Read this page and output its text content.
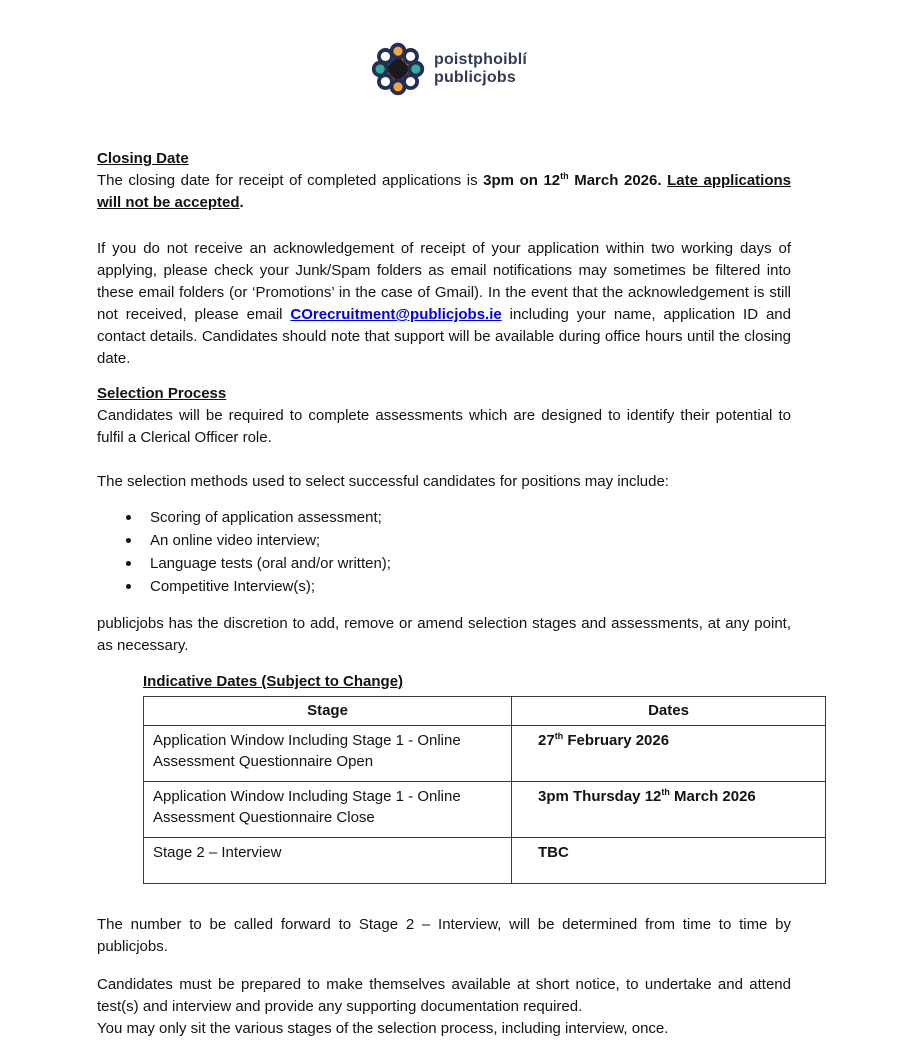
poistphoiblí
publicjobs

Closing Date
The closing date for receipt of completed applications is 3pm on 12th March 2026. Late applications will not be accepted.

If you do not receive an acknowledgement of receipt of your application within two working days of applying, please check your Junk/Spam folders as email notifications may sometimes be filtered into these email folders (or ‘Promotions’ in the case of Gmail). In the event that the acknowledgement is still not received, please email COrecruitment@publicjobs.ie including your name, application ID and contact details. Candidates should note that support will be available during office hours until the closing date.

Selection Process
Candidates will be required to complete assessments which are designed to identify their potential to fulfil a Clerical Officer role.

The selection methods used to select successful candidates for positions may include:

Scoring of application assessment;
An online video interview;
Language tests (oral and/or written);
Competitive Interview(s);

publicjobs has the discretion to add, remove or amend selection stages and assessments, at any point, as necessary.

Indicative Dates (Subject to Change)
Stage	Dates
Application Window Including Stage 1 - Online Assessment Questionnaire Open	27th February 2026
Application Window Including Stage 1 - Online Assessment Questionnaire Close	3pm Thursday 12th March 2026
Stage 2 – Interview	TBC

The number to be called forward to Stage 2 – Interview, will be determined from time to time by publicjobs.

Candidates must be prepared to make themselves available at short notice, to undertake and attend test(s) and interview and provide any supporting documentation required.

You may only sit the various stages of the selection process, including interview, once.
